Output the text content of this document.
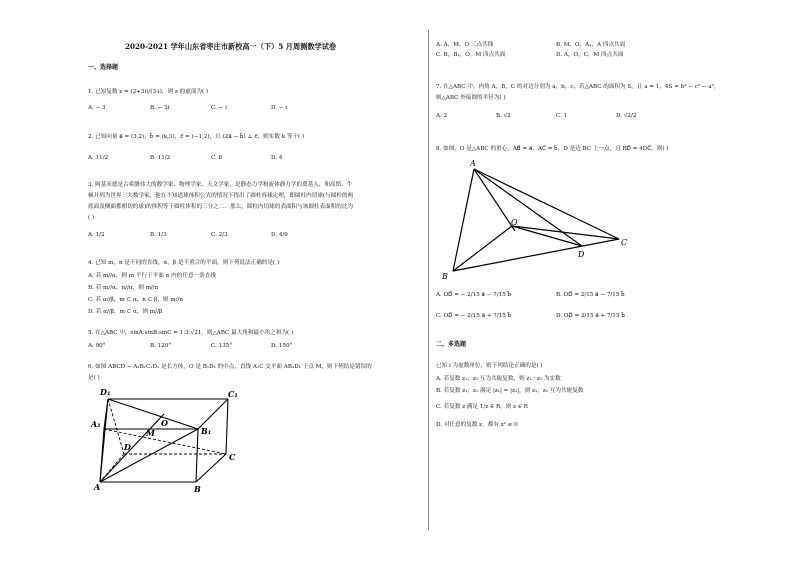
2020-2021 学年山东省枣庄市新校高一（下）5 月周测数学试卷
一、选择题
1. 已知复数 z = (2+3i)/(3-i)，则 z 的虚部为( )
A. − 3	B. − 3i	C. − i	D. − i
2. 已知向量 a⃗ = (3,2)，b⃗ = (k,3)，c⃗ = (−1,2)，且 (2a⃗ − b⃗) ⊥ c⃗，则实数 k 等于( )
A. 11/2	B. 11/2	C. 8	D. 4
3. 阿基米德是古希腊伟大的数学家、物理学家、天文学家，是静态力学和流体静力学的奠基人，和高斯、牛
顿并列为世界三大数学家，他在不知道球体积公式的情况下得出了圆柱容球定理，即圆柱内切球(与圆柱的两
底面及侧面都相切的球)的体积等于圆柱体积的三分之二．那么，圆柱内切球的表面积与该圆柱表面积的比为
( )
A. 1/2	B. 1/3	C. 2/3	D. 4/9
4. 已知 m，n 是不同的直线，α，β 是不重合的平面，则下列说法正确的是( )
A. 若 m//α，则 m 平行于平面 α 内的任意一条直线
B. 若 m//α，n//α，则 m//n
C. 若 α//β，m ⊂ α，n ⊂ β，则 m//n
D. 若 α//β，m ⊂ α，则 m//β
5. 在△ABC 中，sinA:sinB:sinC = 1:3:√21，则△ABC 最大角和最小角之和为( )
A. 90°	B. 120°	C. 135°	D. 150°
6. 如图 ABCD − A₁B₁C₁D₁ 是长方体，O 是 B₁D₁ 的中点，直线 A₁C 交平面 AB₁D₁ 于点 M，则下列结论错误的
是( )
D₁	C₁
A₁	O
M	B₁
D
C
A	B
A. A，M，O 三点共线	B. M，O，A₁，A 四点共面
C. B，B₁，O，M 四点共面	D. A，O，C，M 四点共面
7. 在△ABC 中，内角 A，B，C 的对边分别为 a，b，c，若△ABC 的面积为 S，且 a = 1，4S = b² − c² − a²，
则△ABC 外接圆的半径为( )
A. 2	B. √2	C. 1	D. √2/2
8. 如图，O 是△ABC 的重心，AB⃗ = a⃗，AC⃗ = b⃗，D 是边 BC 上一点，且 BD⃗ = 4DC⃗，则( )
A
O
C
D
B
A. OD⃗ = − 2/15 a⃗ − 7/15 b⃗	B. OD⃗ = 2/15 a⃗ − 7/15 b⃗
C. OD⃗ = − 2/15 a⃗ + 7/15 b⃗	D. OD⃗ = 2/15 a⃗ + 7/15 b⃗
二、多选题
已知 i 为虚数单位，则下列结论正确的是( )
A. 若复数 z₁，z₂ 互为共轭复数，则 z₁ · z₂ 为实数
B. 若复数 z₁，z₂ 满足 |z₁| = |z₂|，则 z₁，z₂ 互为共轭复数
C. 若复数 z 满足 1/z ∈ R，则 z ∈ R
D. 对任意的复数 z，都有 z² ≥ 0
